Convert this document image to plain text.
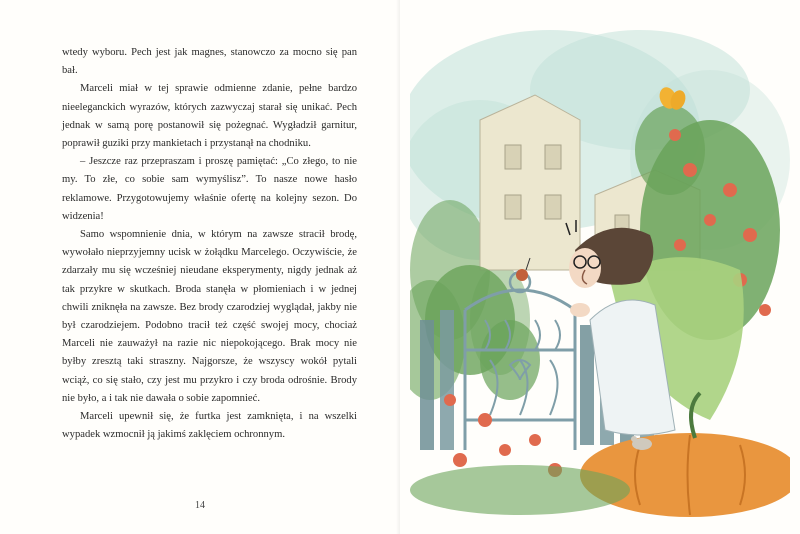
wtedy wyboru. Pech jest jak magnes, stanowczo za mocno się pan bał.

Marceli miał w tej sprawie odmienne zdanie, pełne bardzo nieeleganckich wyrazów, których zazwyczaj starał się unikać. Pech jednak w samą porę postanowił się pożegnać. Wygładził garnitur, poprawił guziki przy mankietach i przystanął na chodniku.

– Jeszcze raz przepraszam i proszę pamiętać: „Co złego, to nie my. To złe, co sobie sam wymyśliszˮ. To nasze nowe hasło reklamowe. Przygotowujemy właśnie ofertę na kolejny sezon. Do widzenia!

Samo wspomnienie dnia, w którym na zawsze stracił brodę, wywołało nieprzyjemny ucisk w żołądku Marcelego. Oczywiście, że zdarzały mu się wcześniej nieudane eksperymenty, nigdy jednak aż tak przykre w skutkach. Broda stanęła w płomieniach i w jednej chwili zniknęła na zawsze. Bez brody czarodziej wyglądał, jakby nie był czarodziejem. Podobno tracił też część swojej mocy, chociaż Marceli nie zauważył na razie nic niepokojącego. Brak mocy nie byłby zresztą taki straszny. Najgorsze, że wszyscy wokół pytali wciąż, co się stało, czy jest mu przykro i czy broda odrośnie. Brody nie było, a i tak nie dawała o sobie zapomnieć.

Marceli upewnił się, że furtka jest zamknięta, i na wszelki wypadek wzmocnił ją jakimś zaklęciem ochronnym.

14
